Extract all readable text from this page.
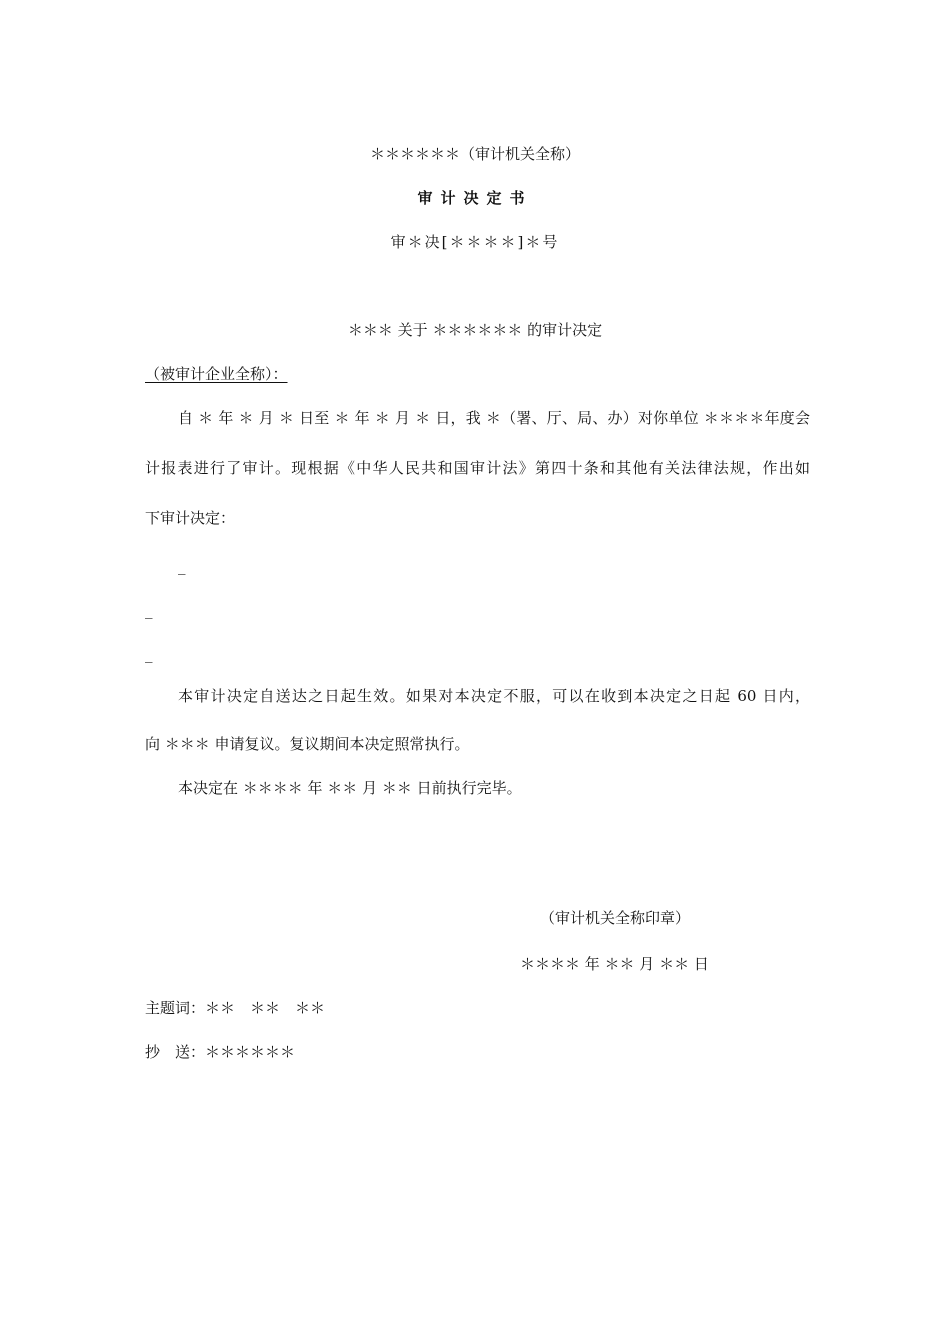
＊＊＊＊＊＊（审计机关全称）
审计决定书
审＊决[＊＊＊＊]＊号
＊＊＊ 关于 ＊＊＊＊＊＊ 的审计决定
（被审计企业全称）：
自 ＊ 年 ＊ 月 ＊ 日至 ＊ 年 ＊ 月 ＊ 日，我 ＊（署、厅、局、办）对你单位 ＊＊＊＊年度会
计报表进行了审计。现根据《中华人民共和国审计法》第四十条和其他有关法律法规，作出如
下审计决定：
_
_
_
本审计决定自送达之日起生效。如果对本决定不服，可以在收到本决定之日起 60 日内，
向 ＊＊＊ 申请复议。复议期间本决定照常执行。
本决定在 ＊＊＊＊ 年 ＊＊ 月 ＊＊ 日前执行完毕。
（审计机关全称印章）
＊＊＊＊ 年 ＊＊ 月 ＊＊ 日
主题词：＊＊　＊＊　＊＊
抄　送：＊＊＊＊＊＊
